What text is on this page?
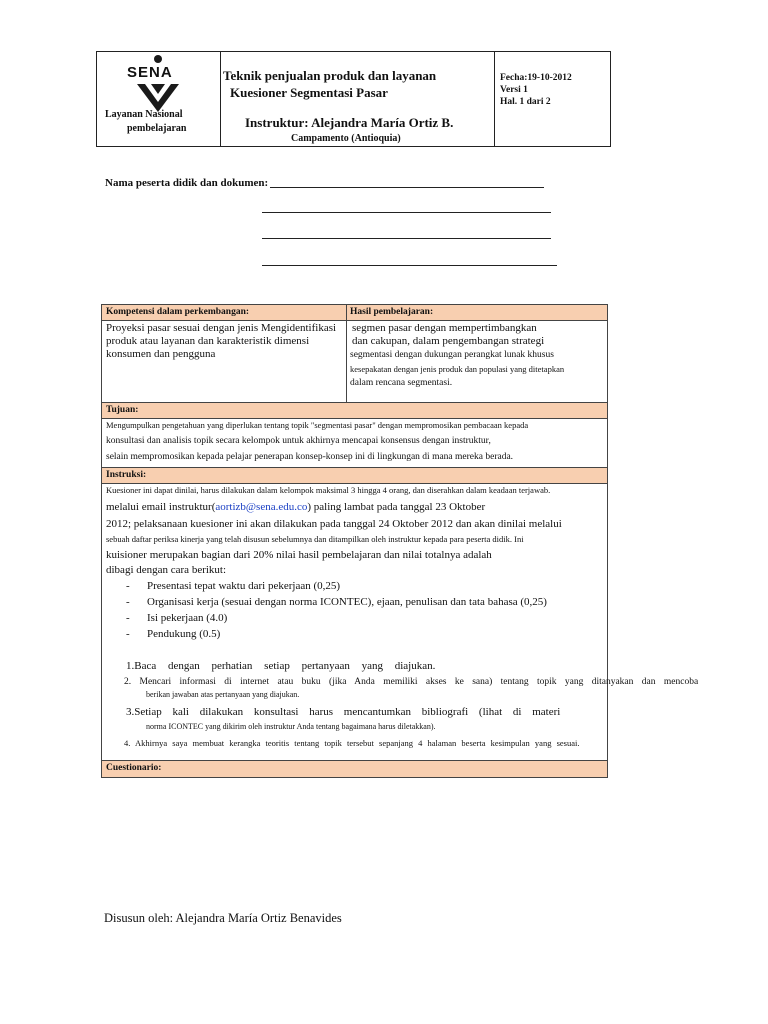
SENA
Layanan Nasional
pembelajaran
Teknik penjualan produk dan layanan
Kuesioner Segmentasi Pasar
Instruktur: Alejandra María Ortiz B.
Campamento (Antioquia)
Fecha:19-10-2012
Versi 1
Hal. 1 dari 2
Nama peserta didik dan dokumen:
Kompetensi dalam perkembangan:	Hasil pembelajaran:

Proyeksi pasar sesuai dengan jenis Mengidentifikasi

produk atau layanan dan karakteristik dimensi

konsumen dan pengguna

segmen pasar dengan mempertimbangkan

dan cakupan, dalam pengembangan strategi

segmentasi dengan dukungan perangkat lunak khusus

kesepakatan dengan jenis produk dan populasi yang ditetapkan

dalam rencana segmentasi.

Tujuan:

Mengumpulkan pengetahuan yang diperlukan tentang topik "segmentasi pasar" dengan mempromosikan pembacaan kepada

konsultasi dan analisis topik secara kelompok untuk akhirnya mencapai konsensus dengan instruktur,

selain mempromosikan kepada pelajar penerapan konsep-konsep ini di lingkungan di mana mereka berada.

Instruksi:

Kuesioner ini dapat dinilai, harus dilakukan dalam kelompok maksimal 3 hingga 4 orang, dan diserahkan dalam keadaan terjawab.

melalui email instruktur(aortizb@sena.edu.co) paling lambat pada tanggal 23 Oktober

2012; pelaksanaan kuesioner ini akan dilakukan pada tanggal 24 Oktober 2012 dan akan dinilai melalui

sebuah daftar periksa kinerja yang telah disusun sebelumnya dan ditampilkan oleh instruktur kepada para peserta didik. Ini

kuisioner merupakan bagian dari 20% nilai hasil pembelajaran dan nilai totalnya adalah

dibagi dengan cara berikut:

- Presentasi tepat waktu dari pekerjaan (0,25)
- Organisasi kerja (sesuai dengan norma ICONTEC), ejaan, penulisan dan tata bahasa (0,25)
- Isi pekerjaan (4.0)
- Pendukung (0.5)

1.Baca dengan perhatian setiap pertanyaan yang diajukan.

2. Mencari informasi di internet atau buku (jika Anda memiliki akses ke sana) tentang topik yang ditanyakan dan mencoba

berikan jawaban atas pertanyaan yang diajukan.

3.Setiap kali dilakukan konsultasi harus mencantumkan bibliografi (lihat di materi

norma ICONTEC yang dikirim oleh instruktur Anda tentang bagaimana harus diletakkan).

4. Akhirnya saya membuat kerangka teoritis tentang topik tersebut sepanjang 4 halaman beserta kesimpulan yang sesuai.

Cuestionario:
Disusun oleh: Alejandra María Ortiz Benavides
